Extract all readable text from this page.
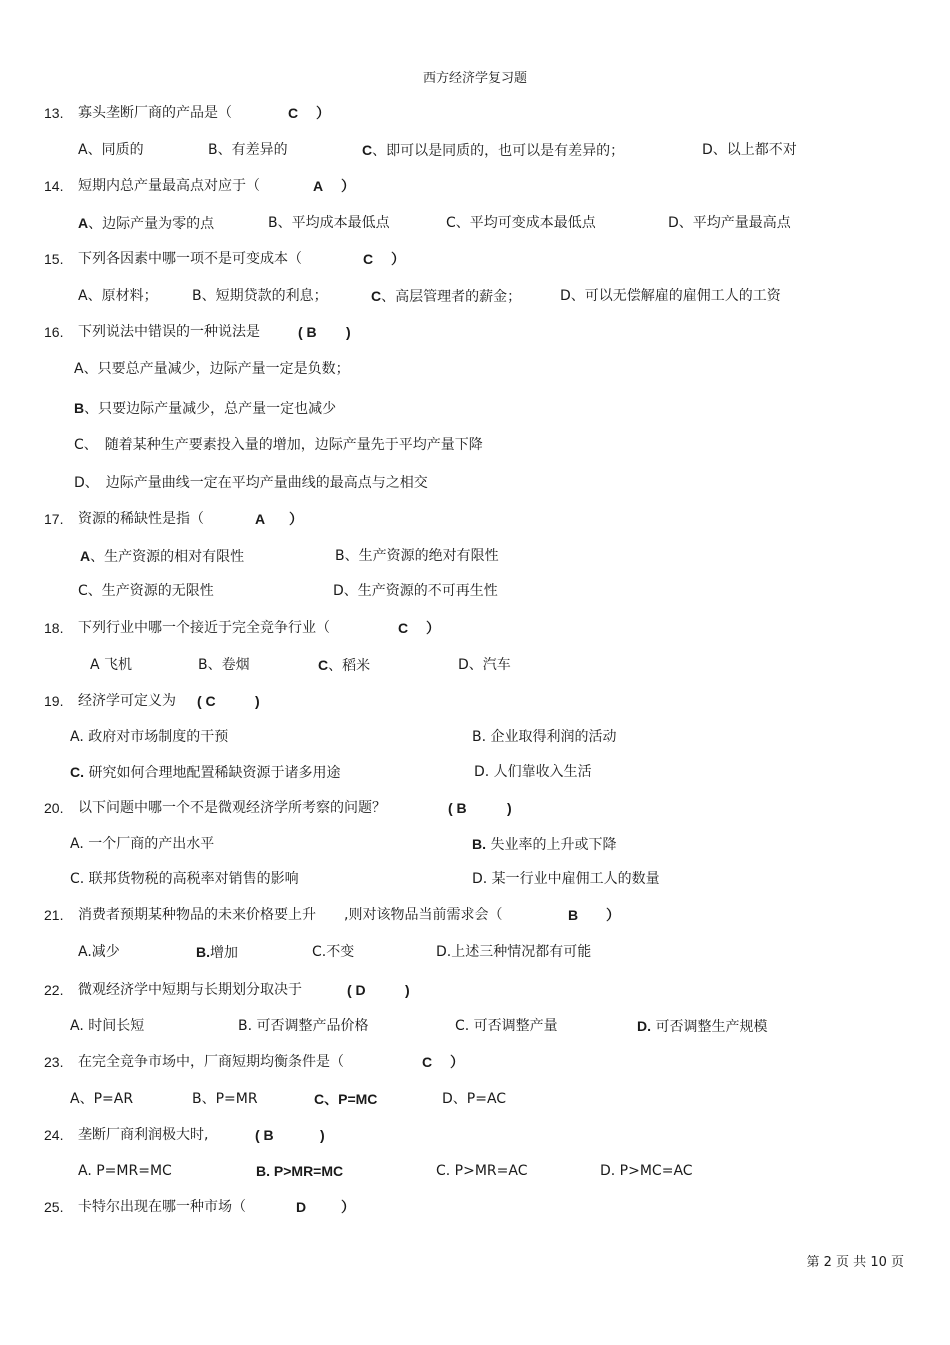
西方经济学复习题
13. 寡头垄断厂商的产品是（	C ）
A、同质的	B、有差异的	C、即可以是同质的，也可以是有差异的；	D、以上都不对
14. 短期内总产量最高点对应于（	A ）
A、边际产量为零的点	B、平均成本最低点	C、平均可变成本最低点	D、平均产量最高点
15. 下列各因素中哪一项不是可变成本（	C ）
A、原材料； B、短期贷款的利息；	C、高层管理者的薪金；	D、可以无偿解雇的雇佣工人的工资
16. 下列说法中错误的一种说法是	( B )
A、只要总产量减少，边际产量一定是负数；
B、只要边际产量减少，总产量一定也减少
C、　随着某种生产要素投入量的增加，边际产量先于平均产量下降
D、　边际产量曲线一定在平均产量曲线的最高点与之相交
17. 资源的稀缺性是指（	A ）
A、生产资源的相对有限性	B、生产资源的绝对有限性
C、生产资源的无限性	D、生产资源的不可再生性
18. 下列行业中哪一个接近于完全竞争行业（	C ）
A 飞机	B、卷烟	C、稻米	D、汽车
19. 经济学可定义为 ( C	)
A. 政府对市场制度的干预	B. 企业取得利润的活动
C. 研究如何合理地配置稀缺资源于诸多用途	D. 人们靠收入生活
20. 以下问题中哪一个不是微观经济学所考察的问题？	( B	)
A. 一个厂商的产出水平	B. 失业率的上升或下降
C. 联邦货物税的高税率对销售的影响	D. 某一行业中雇佣工人的数量
21. 消费者预期某种物品的未来价格要上升　　,则对该物品当前需求会（	B ）
A.减少	B.增加	C.不变	D.上述三种情况都有可能
22. 微观经济学中短期与长期划分取决于	( D	)
A. 时间长短	B. 可否调整产品价格	C. 可否调整产量	D. 可否调整生产规模
23. 在完全竞争市场中，厂商短期均衡条件是（	C ）
A、P=AR	B、P=MR	C、P=MC	D、P=AC
24. 垄断厂商利润极大时,	( B	)
A. P=MR=MC	B. P>MR=MC	C. P>MR=AC	D. P>MC=AC
25. 卡特尔出现在哪一种市场（	D ）
第 2 页 共 10 页
